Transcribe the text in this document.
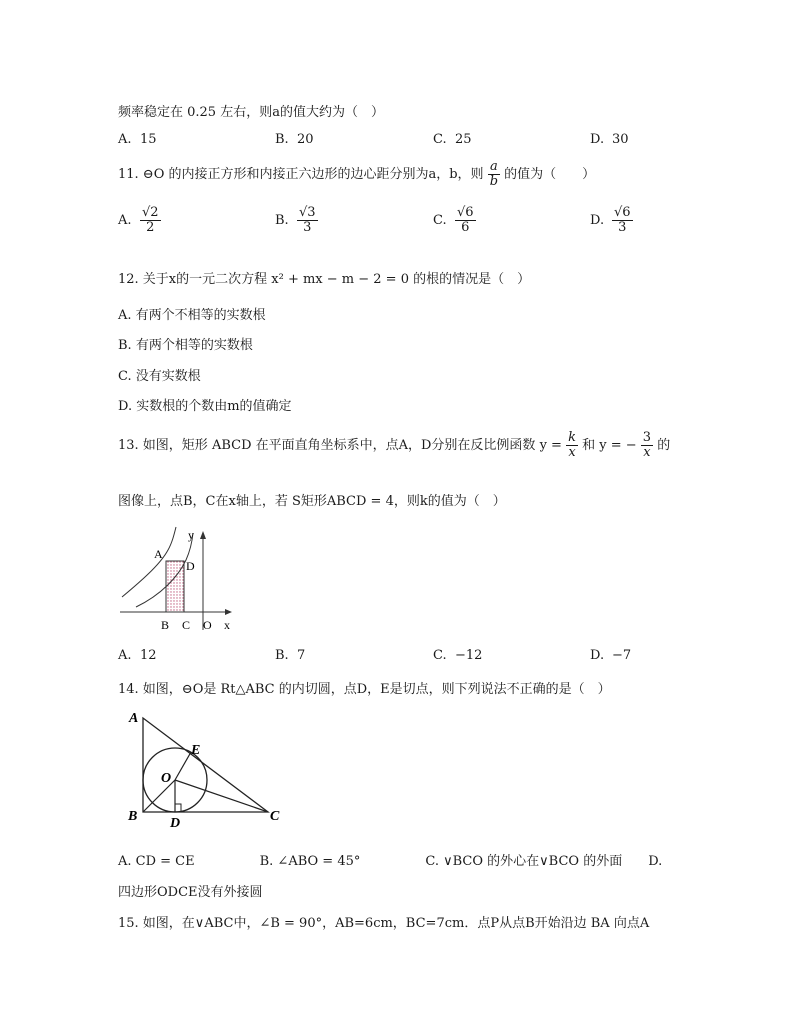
频率稳定在 0.25 左右，则a的值大约为（　）
A. 15	B. 20	C. 25	D. 30
11. ⊖O 的内接正方形和内接正六边形的边心距分别为a，b，则 $\frac{a}{b}$ 的值为（　　）
A. $\frac{√2}{2}$	B. $\frac{√3}{3}$	C. $\frac{√6}{6}$	D. $\frac{√6}{3}$
12. 关于x的一元二次方程 x² + mx − m − 2 = 0 的根的情况是（　）
A. 有两个不相等的实数根
B. 有两个相等的实数根
C. 没有实数根
D. 实数根的个数由m的值确定
13. 如图，矩形 ABCD 在平面直角坐标系中，点A，D分别在反比例函数 $y = \frac{k}{x}$ 和 y = − $\frac{3}{x}$ 的
图像上，点B，C在x轴上，若 S矩形ABCD = 4，则k的值为（　）
y
x
A
D
B C O
A. 12	B. 7	C. −12	D. −7
14. 如图，⊖O是 Rt△ABC 的内切圆，点D，E是切点，则下列说法不正确的是（　）
A
B	C
D
E
O
A. CD = CE　　　　　B. ∠ABO = 45°　　　　　C. ∨BCO 的外心在∨BCO 的外面　　D.
四边形ODCE没有外接圆
15. 如图，在∨ABC中，∠B = 90°，AB=6cm，BC=7cm．点P从点B开始沿边 BA 向点A
